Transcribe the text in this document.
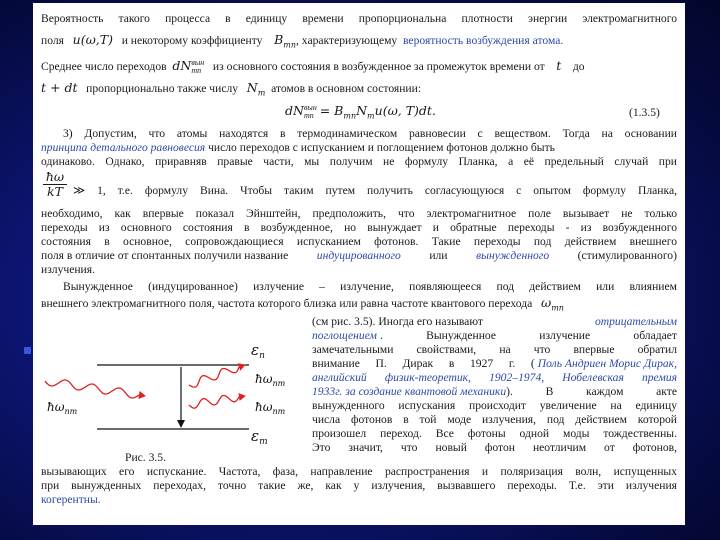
Вероятность такого процесса в единицу времени пропорциональна плотности энергии электромагнитного
поля u(ω,T) и некоторому коэффициенту $B_{mn}$, характеризующему вероятность возбуждения атома.
Среднее число переходов dNвын
mn из основного состояния в возбужденное за промежуток времени от t до
t + dt пропорционально также числу $N_m$ атомов в основном состоянии:
dNвын
mn = $B_{mn}N_mu(\omega$, T)dt.	(1.3.5)
3) Допустим, что атомы находятся в термодинамическом равновесии с веществом. Тогда на основании
принципа детального равновесия число переходов с испусканием и поглощением фотонов должно быть
одинаково. Однако, приравняв правые части, мы получим не формулу Планка, а её предельный случай при
ħω
kT ≫ 1, т.е. формулу Вина. Чтобы таким путем получить согласующуюся с опытом формулу Планка,
необходимо, как впервые показал Эйнштейн, предположить, что электромагнитное поле вызывает не только
переходы из основного состояния в возбужденное, но вынуждает и обратные переходы - из возбужденного
состояния в основное, сопровождающиеся испусканием фотонов. Такие переходы под действием внешнего
поля в отличие от спонтанных получили название индуцированного или вынужденного (стимулированного)
излучения.
Вынужденное (индуцированное) излучение – излучение, появляющееся под действием или влиянием
внешнего электромагнитного поля, частота которого близка или равна частоте квантового перехода $\omega_{mn}$
(см рис. 3.5). Иногда его называют	отрицательным
поглощением . Вынужденное излучение обладает
замечательными свойствами, на что впервые обратил
внимание П. Дирак в 1927 г. ( Поль Андриен Морис Дирак,
английский физик-теоретик, 1902–1974, Нобелевская премия
1933г. за создание квантовой механики ). В каждом акте
вынужденного испускания происходит увеличение на единицу
числа фотонов в той моде излучения, под действием которой
произошел переход. Все фотоны одной моды тождественны.
Это значит, что новый фотон неотличим от фотонов,
вызывающих его испускание. Частота, фаза, направление распространения и поляризация волн, испущенных
при вынужденных переходах, точно такие же, как у излучения, вызвавшего переходы. Т.е. эти излучения
когерентны.
$\varepsilon_n$
$\varepsilon_m$
$ħ\omega_{nm}$
$ħ\omega_{nm}$
$ħ\omega_{nm}$
Рис. 3.5.
